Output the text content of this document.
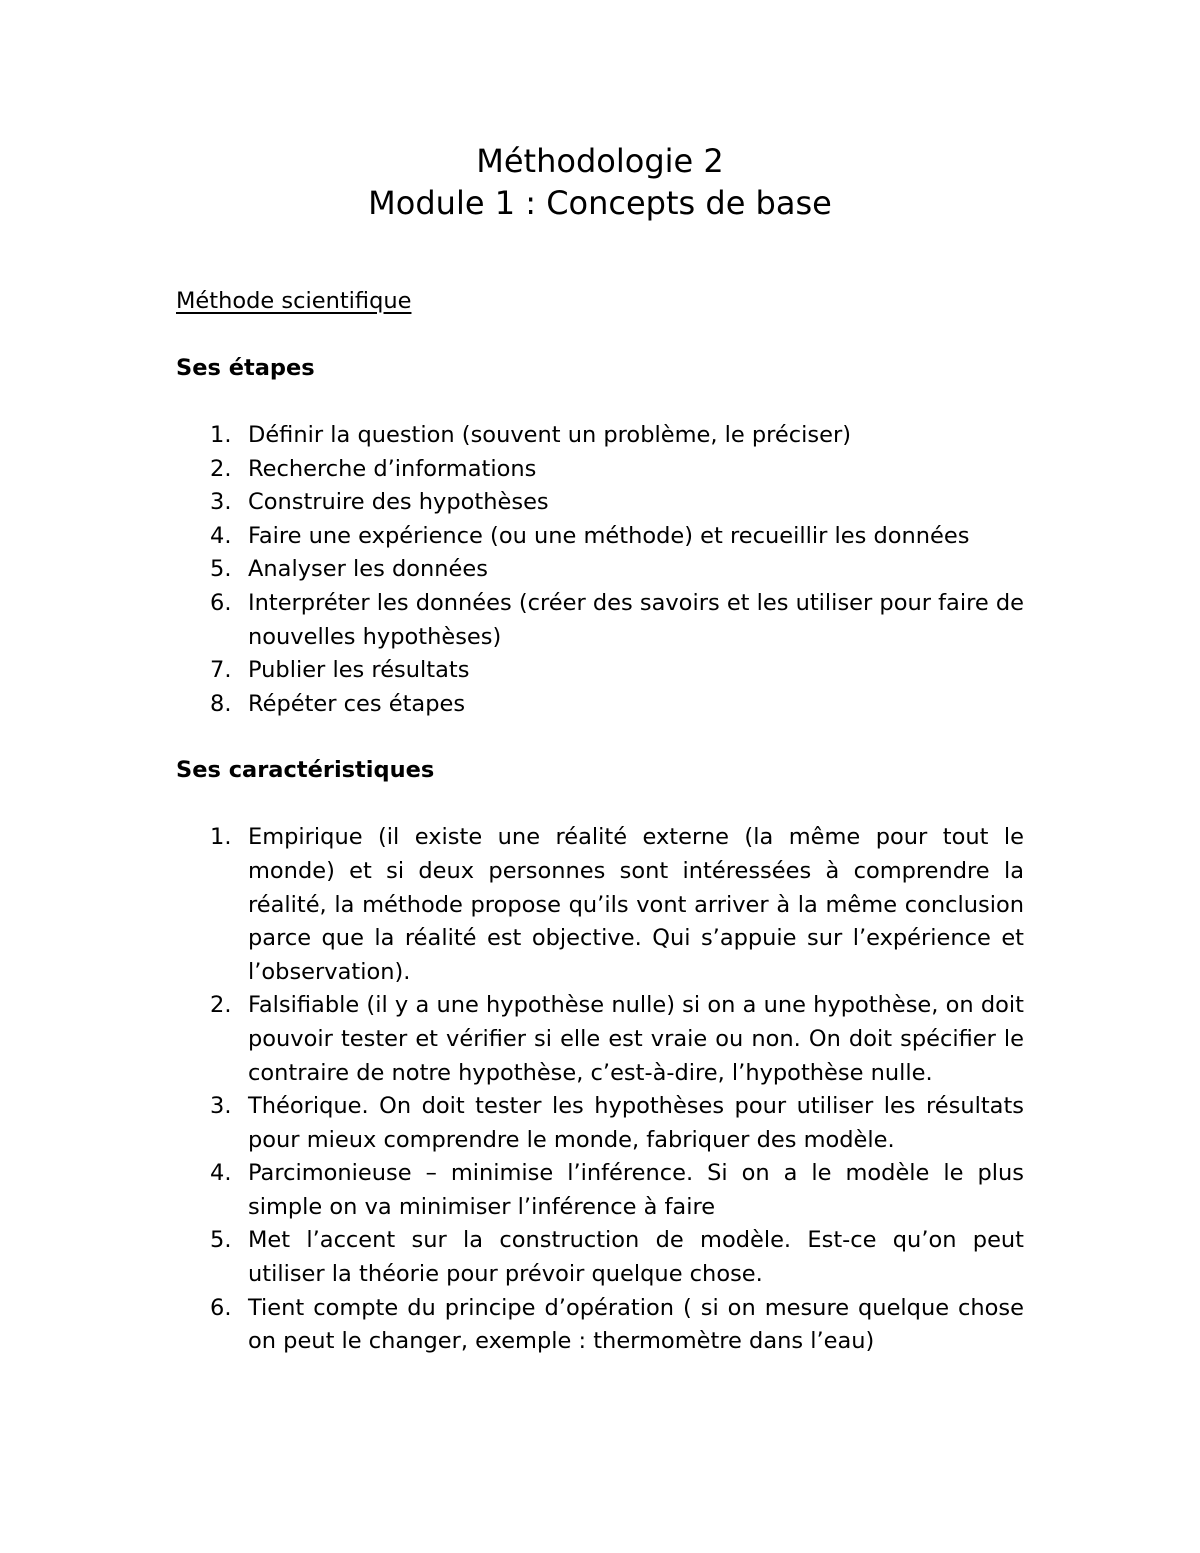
Méthodologie 2
Module 1 : Concepts de base

Méthode scientifique

Ses étapes

1. Définir la question (souvent un problème, le préciser)
2. Recherche d’informations
3. Construire des hypothèses
4. Faire une expérience (ou une méthode) et recueillir les données
5. Analyser les données
6. Interpréter les données (créer des savoirs et les utiliser pour faire de nouvelles hypothèses)
7. Publier les résultats
8. Répéter ces étapes

Ses caractéristiques

1. Empirique (il existe une réalité externe (la même pour tout le monde) et si deux personnes sont intéressées à comprendre la réalité, la méthode propose qu’ils vont arriver à la même conclusion parce que la réalité est objective. Qui s’appuie sur l’expérience et l’observation).
2. Falsifiable (il y a une hypothèse nulle) si on a une hypothèse, on doit pouvoir tester et vérifier si elle est vraie ou non. On doit spécifier le contraire de notre hypothèse, c’est-à-dire, l’hypothèse nulle.
3. Théorique. On doit tester les hypothèses pour utiliser les résultats pour mieux comprendre le monde, fabriquer des modèle.
4. Parcimonieuse – minimise l’inférence. Si on a le modèle le plus simple on va minimiser l’inférence à faire
5. Met l’accent sur la construction de modèle. Est-ce qu’on peut utiliser la théorie pour prévoir quelque chose.
6. Tient compte du principe d’opération ( si on mesure quelque chose on peut le changer, exemple : thermomètre dans l’eau)
